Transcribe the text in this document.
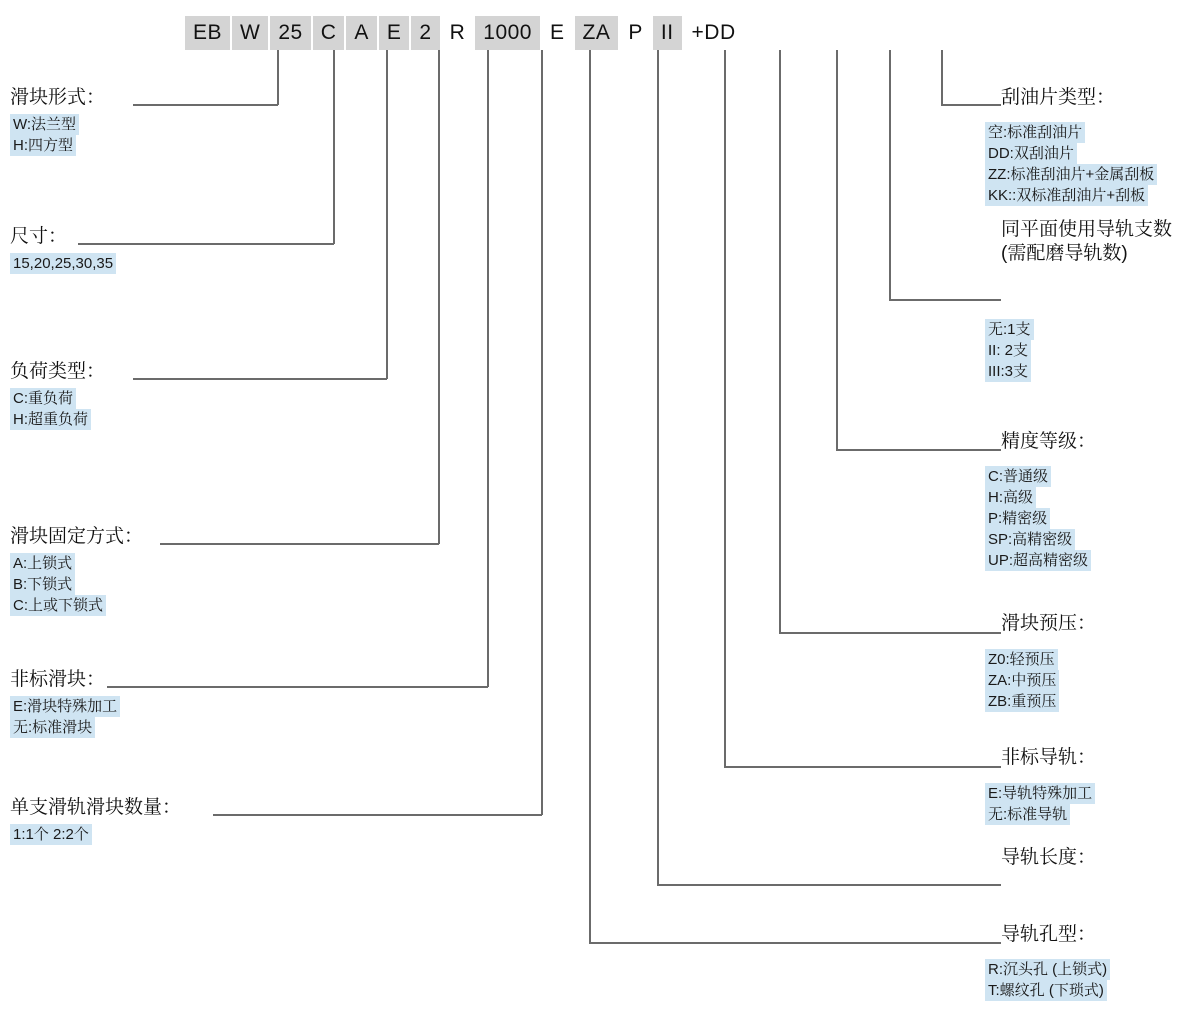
EB W 25 C A E 2 R 1000 E ZA P II +DD
滑块形式：
W:法兰型
H:四方型
尺寸：
15,20,25,30,35
负荷类型：
C:重负荷
H:超重负荷
滑块固定方式：
A:上锁式
B:下锁式
C:上或下锁式
非标滑块：
E:滑块特殊加工
无:标准滑块
单支滑轨滑块数量：
1:1个 2:2个
刮油片类型：
空:标准刮油片
DD:双刮油片
ZZ:标准刮油片+金属刮板
KK::双标准刮油片+刮板
同平面使用导轨支数
(需配磨导轨数)
无:1支
II: 2支
III:3支
精度等级：
C:普通级
H:高级
P:精密级
SP:高精密级
UP:超高精密级
滑块预压：
Z0:轻预压
ZA:中预压
ZB:重预压
非标导轨：
E:导轨特殊加工
无:标准导轨
导轨长度：
导轨孔型：
R:沉头孔 (上锁式)
T:螺纹孔 (下琐式)
